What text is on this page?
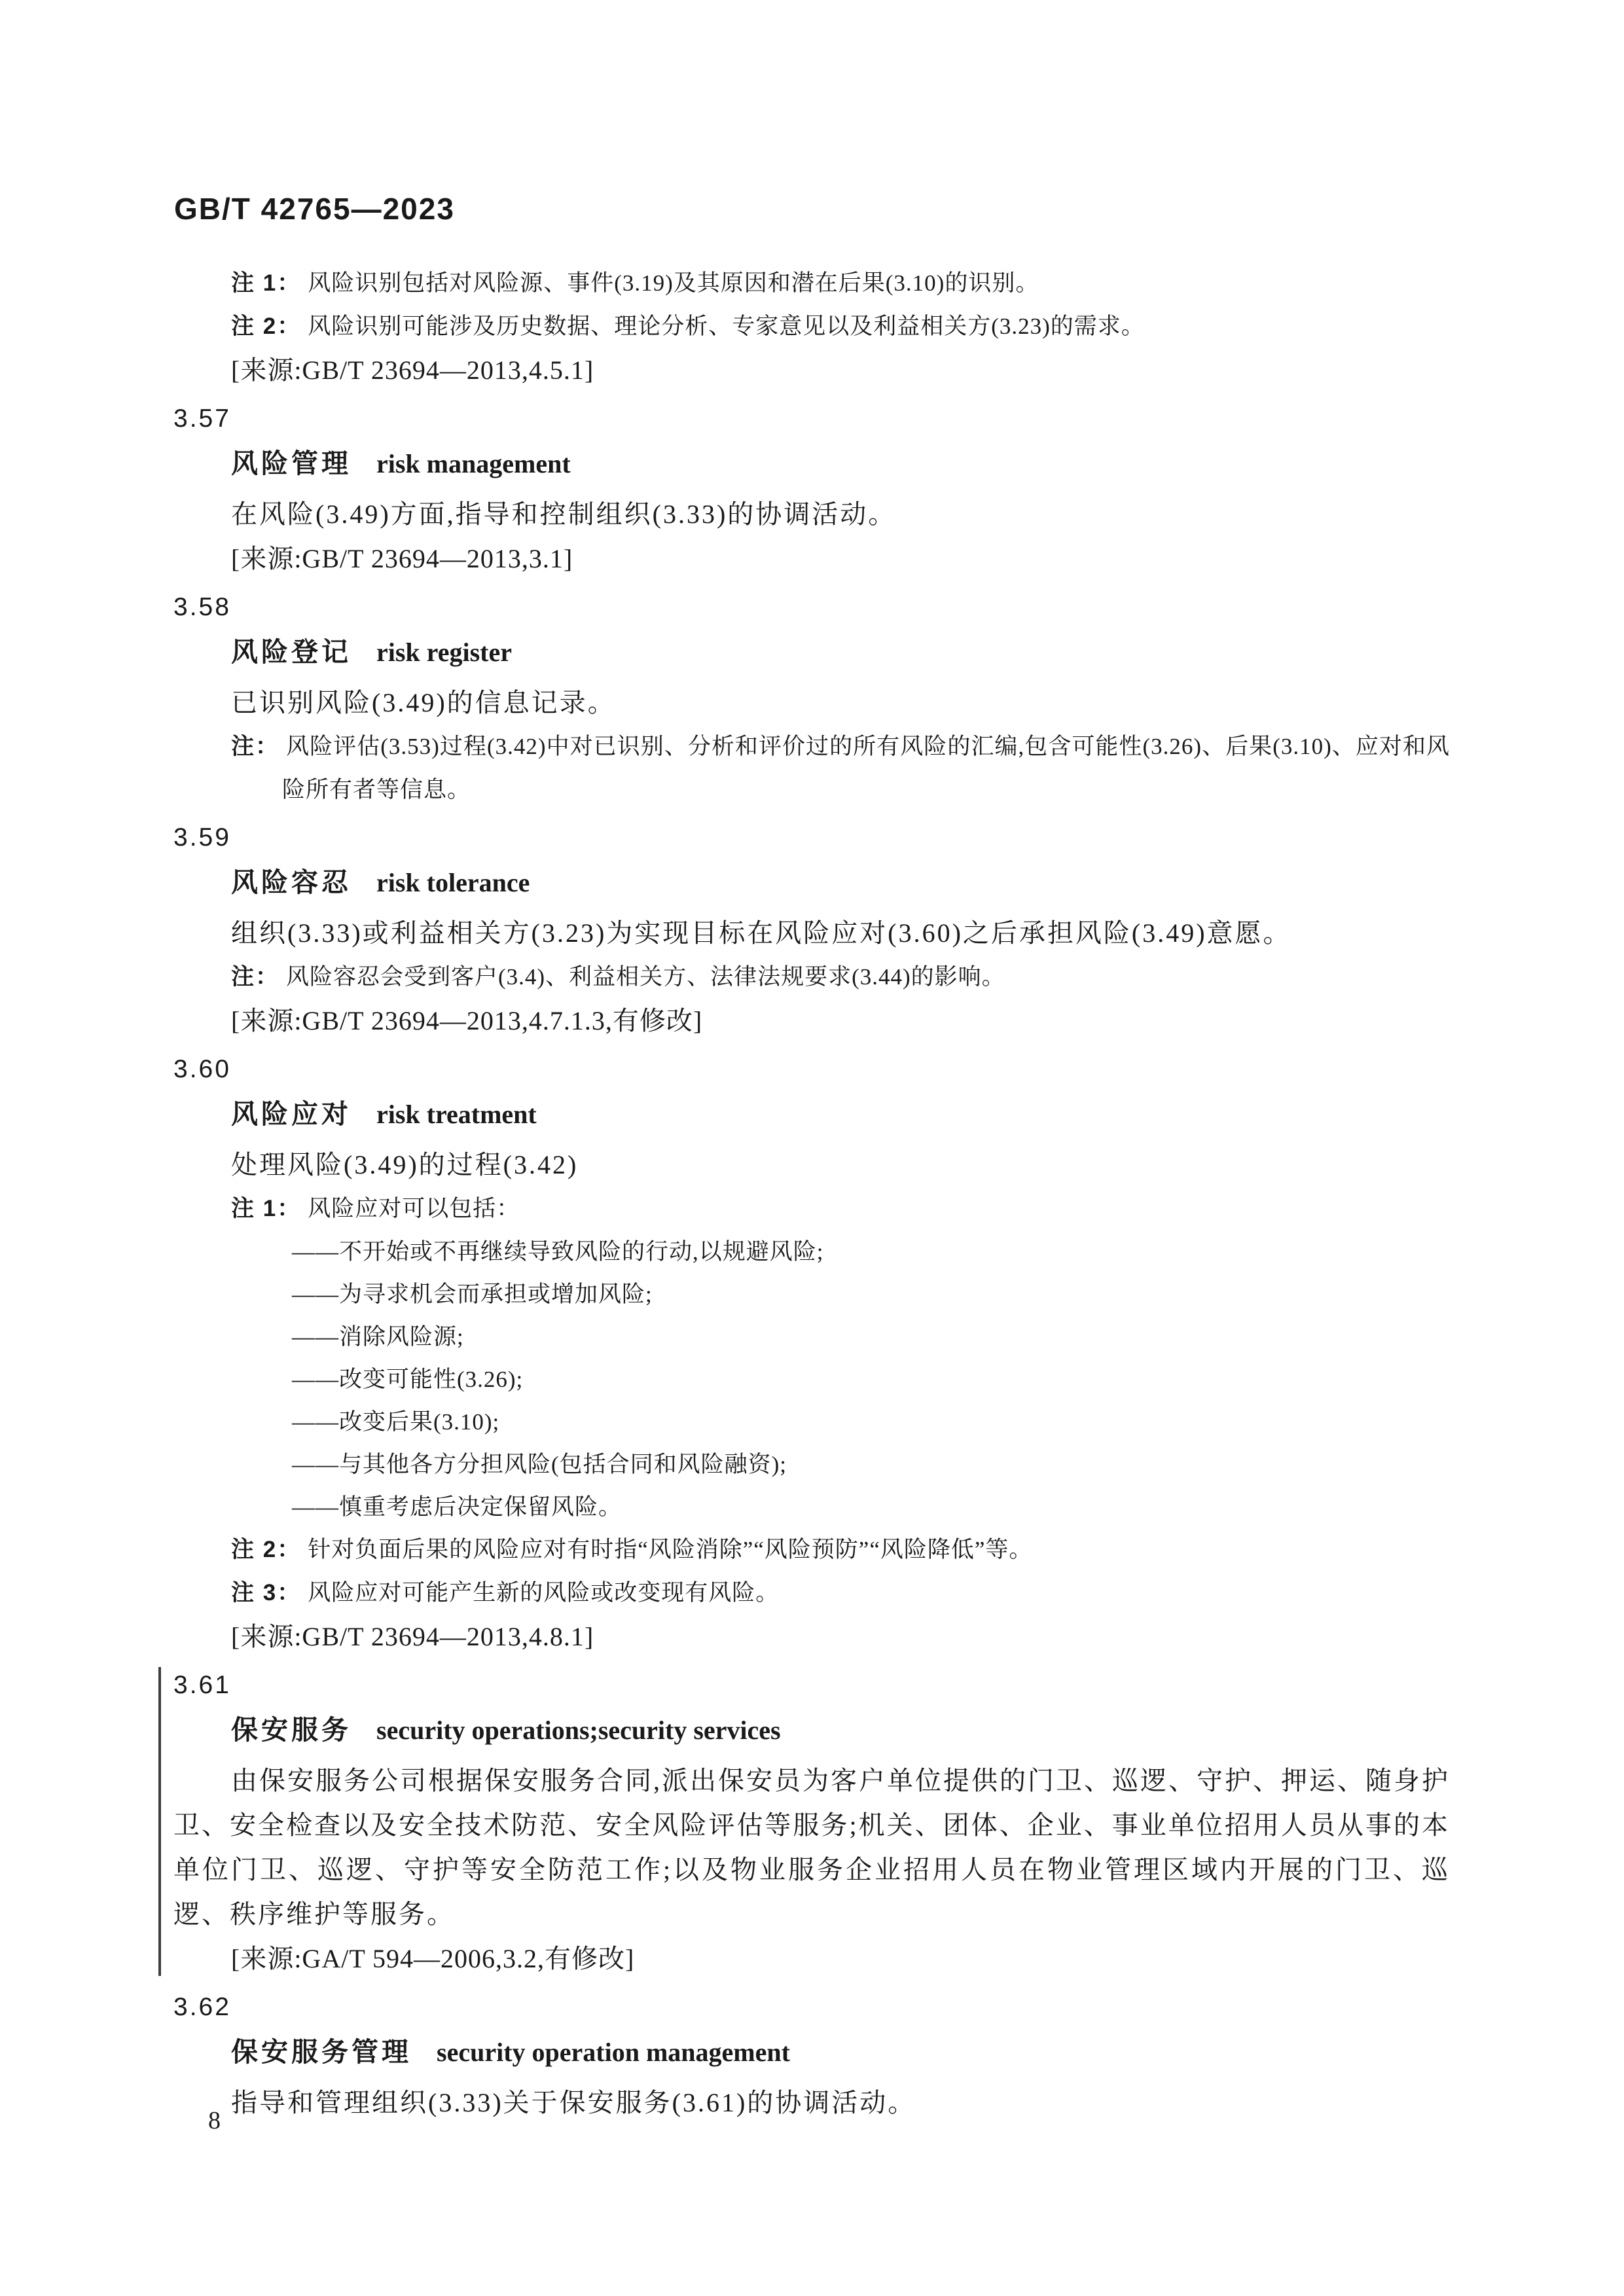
GB/T 42765—2023
注 1： 风险识别包括对风险源、事件(3.19)及其原因和潜在后果(3.10)的识别。
注 2： 风险识别可能涉及历史数据、理论分析、专家意见以及利益相关方(3.23)的需求。
[来源:GB/T 23694—2013,4.5.1]
3.57
风险管理 risk management
在风险(3.49)方面,指导和控制组织(3.33)的协调活动。
[来源:GB/T 23694—2013,3.1]
3.58
风险登记 risk register
已识别风险(3.49)的信息记录。
注： 风险评估(3.53)过程(3.42)中对已识别、分析和评价过的所有风险的汇编,包含可能性(3.26)、后果(3.10)、应对和风险所有者等信息。
3.59
风险容忍 risk tolerance
组织(3.33)或利益相关方(3.23)为实现目标在风险应对(3.60)之后承担风险(3.49)意愿。
注： 风险容忍会受到客户(3.4)、利益相关方、法律法规要求(3.44)的影响。
[来源:GB/T 23694—2013,4.7.1.3,有修改]
3.60
风险应对 risk treatment
处理风险(3.49)的过程(3.42)
注 1： 风险应对可以包括：
——不开始或不再继续导致风险的行动,以规避风险;
——为寻求机会而承担或增加风险;
——消除风险源;
——改变可能性(3.26);
——改变后果(3.10);
——与其他各方分担风险(包括合同和风险融资);
——慎重考虑后决定保留风险。
注 2： 针对负面后果的风险应对有时指“风险消除”“风险预防”“风险降低”等。
注 3： 风险应对可能产生新的风险或改变现有风险。
[来源:GB/T 23694—2013,4.8.1]
3.61
保安服务 security operations;security services
由保安服务公司根据保安服务合同,派出保安员为客户单位提供的门卫、巡逻、守护、押运、随身护卫、安全检查以及安全技术防范、安全风险评估等服务;机关、团体、企业、事业单位招用人员从事的本单位门卫、巡逻、守护等安全防范工作;以及物业服务企业招用人员在物业管理区域内开展的门卫、巡逻、秩序维护等服务。
[来源:GA/T 594—2006,3.2,有修改]
3.62
保安服务管理 security operation management
指导和管理组织(3.33)关于保安服务(3.61)的协调活动。
8
